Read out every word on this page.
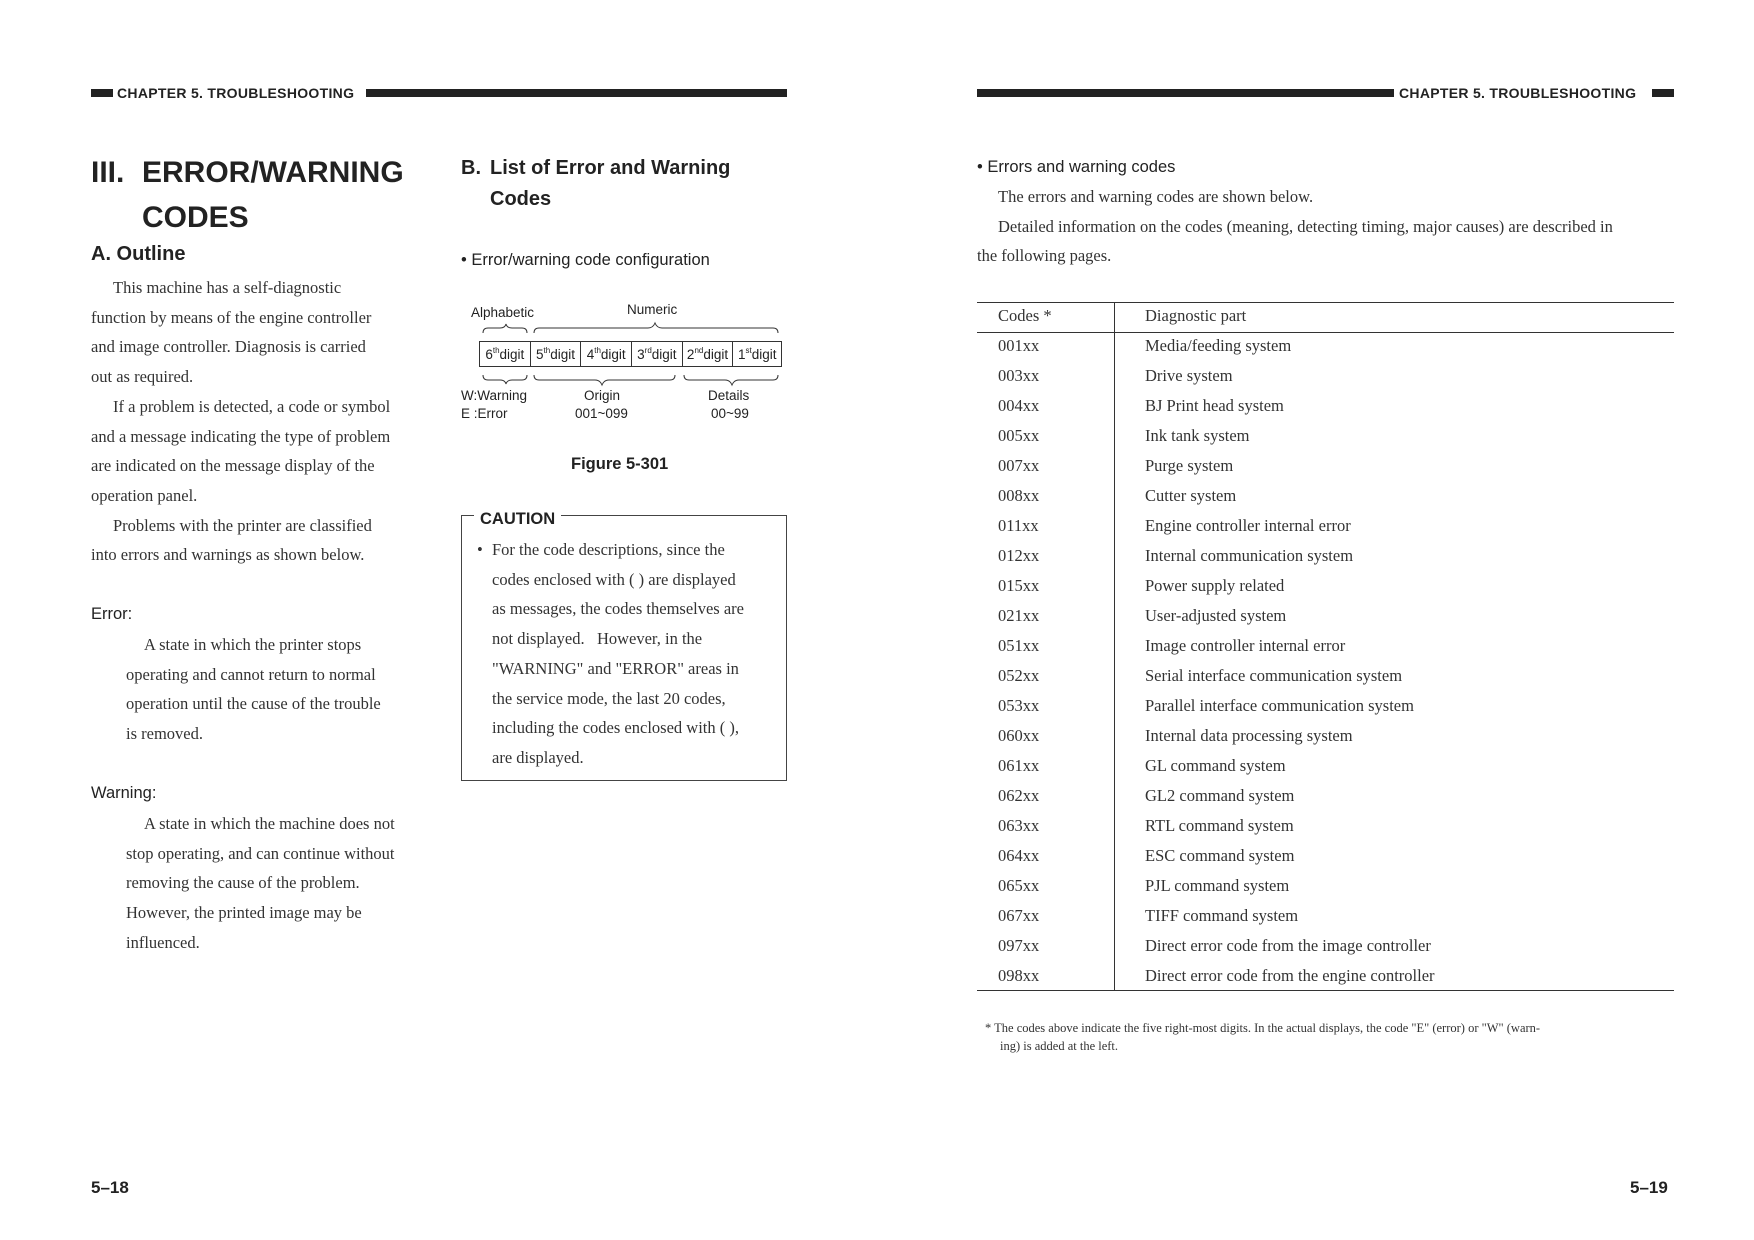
CHAPTER 5. TROUBLESHOOTING
III. ERROR/WARNING
CODES
A. Outline
This machine has a self-diagnostic
function by means of the engine controller
and image controller. Diagnosis is carried
out as required.
If a problem is detected, a code or symbol
and a message indicating the type of problem
are indicated on the message display of the
operation panel.
Problems with the printer are classified
into errors and warnings as shown below.
Error:
A state in which the printer stops
operating and cannot return to normal
operation until the cause of the trouble
is removed.
Warning:
A state in which the machine does not
stop operating, and can continue without
removing the cause of the problem.
However, the printed image may be
influenced.
B. List of Error and Warning
Codes
• Error/warning code configuration
Alphabetic	Numeric
6th digit 5th digit 4th digit 3rd digit 2nd digit 1st digit
W:Warning
E :Error
Origin
001~099
Details
00~99
Figure 5-301
CAUTION
• For the code descriptions, since the
codes enclosed with ( ) are displayed
as messages, the codes themselves are
not displayed.   However, in the
"WARNING" and "ERROR" areas in
the service mode, the last 20 codes,
including the codes enclosed with ( ),
are displayed.
5–18
CHAPTER 5. TROUBLESHOOTING
• Errors and warning codes
The errors and warning codes are shown below.
Detailed information on the codes (meaning, detecting timing, major causes) are described in
the following pages.
Codes *	Diagnostic part
001xx	Media/feeding system
003xx	Drive system
004xx	BJ Print head system
005xx	Ink tank system
007xx	Purge system
008xx	Cutter system
011xx	Engine controller internal error
012xx	Internal communication system
015xx	Power supply related
021xx	User-adjusted system
051xx	Image controller internal error
052xx	Serial interface communication system
053xx	Parallel interface communication system
060xx	Internal data processing system
061xx	GL command system
062xx	GL2 command system
063xx	RTL command system
064xx	ESC command system
065xx	PJL command system
067xx	TIFF command system
097xx	Direct error code from the image controller
098xx	Direct error code from the engine controller
* The codes above indicate the five right-most digits. In the actual displays, the code "E" (error) or "W" (warn-
ing) is added at the left.
5–19
